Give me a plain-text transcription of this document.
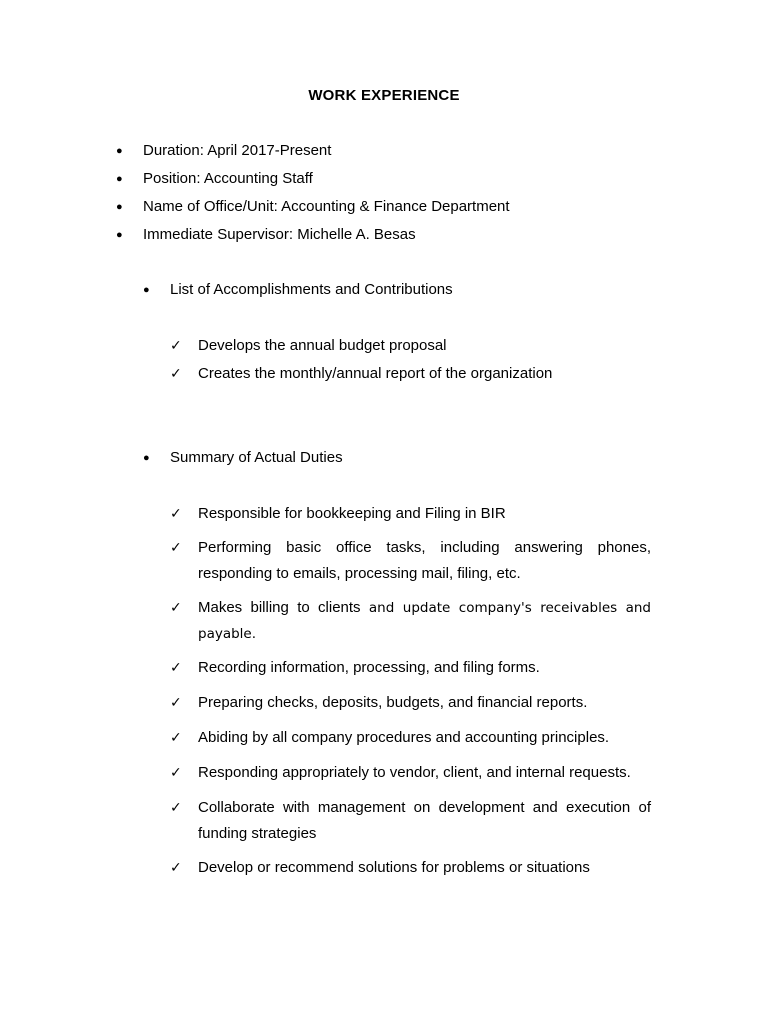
WORK EXPERIENCE
● Duration: April 2017-Present
● Position: Accounting Staff
● Name of Office/Unit: Accounting & Finance Department
● Immediate Supervisor: Michelle A. Besas
● List of Accomplishments and Contributions
✓ Develops the annual budget proposal
✓ Creates the monthly/annual report of the organization
● Summary of Actual Duties
✓ Responsible for bookkeeping and Filing in BIR
✓ Performing basic office tasks, including answering phones, responding to emails, processing mail, filing, etc.
✓ Makes billing to clients and update company's receivables and payable.
✓ Recording information, processing, and filing forms.
✓ Preparing checks, deposits, budgets, and financial reports.
✓ Abiding by all company procedures and accounting principles.
✓ Responding appropriately to vendor, client, and internal requests.
✓ Collaborate with management on development and execution of funding strategies
✓ Develop or recommend solutions for problems or situations
